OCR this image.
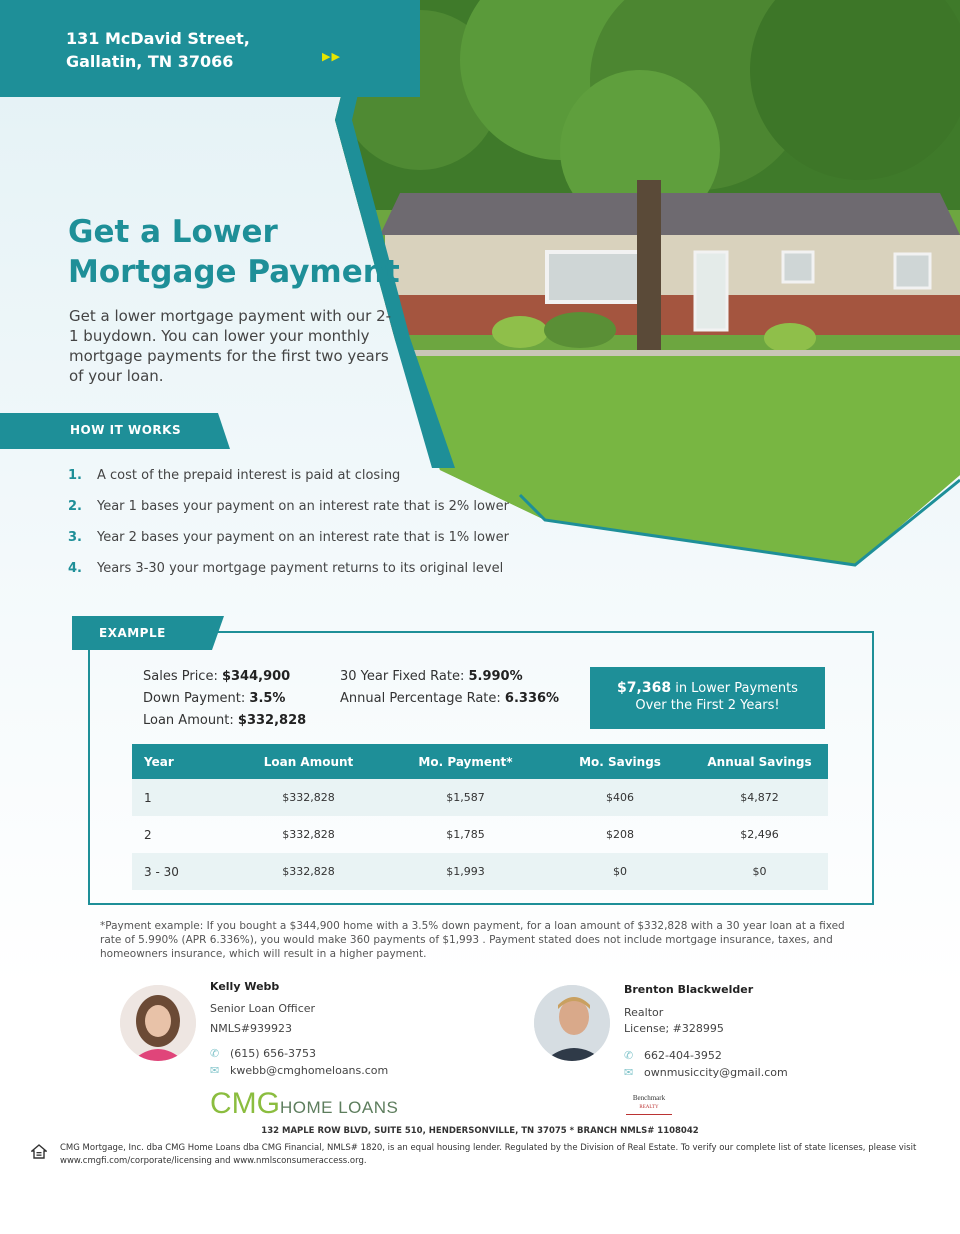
131 McDavid Street,
Gallatin, TN 37066	▶▶
Get a Lower
Mortgage Payment
Get a lower mortgage payment with our 2-1 buydown. You can lower your monthly mortgage payments for the first two years of your loan.
HOW IT WORKS
1.	A cost of the prepaid interest is paid at closing
2.	Year 1 bases your payment on an interest rate that is 2% lower
3.	Year 2 bases your payment on an interest rate that is 1% lower
4.	Years 3-30 your mortgage payment returns to its original level
EXAMPLE
Sales Price: $344,900
Down Payment: 3.5%
Loan Amount: $332,828
30 Year Fixed Rate: 5.990%
Annual Percentage Rate: 6.336%
$7,368 in Lower Payments
Over the First 2 Years!
Year	Loan Amount	Mo. Payment*	Mo. Savings	Annual Savings
1	$332,828	$1,587	$406	$4,872
2	$332,828	$1,785	$208	$2,496
3 - 30	$332,828	$1,993	$0	$0
*Payment example: If you bought a $344,900 home with a 3.5% down payment, for a loan amount of $332,828 with a 30 year loan at a fixed rate of 5.990% (APR 6.336%), you would make 360 payments of $1,993 . Payment stated does not include mortgage insurance, taxes, and homeowners insurance, which will result in a higher payment.
Kelly Webb
Senior Loan Officer
NMLS#939923
✆ (615) 656-3753
✉ kwebb@cmghomeloans.com
Brenton Blackwelder
Realtor
License; #328995
✆ 662-404-3952
✉ ownmusiccity@gmail.com
CMGHOME LOANS	Benchmark
REALTY
132 MAPLE ROW BLVD, SUITE 510, HENDERSONVILLE, TN 37075 * BRANCH NMLS# 1108042
CMG Mortgage, Inc. dba CMG Home Loans dba CMG Financial, NMLS# 1820, is an equal housing lender. Regulated by the Division of Real Estate. To verify our complete list of state licenses, please visit www.cmgfi.com/corporate/licensing and www.nmlsconsumeraccess.org.
